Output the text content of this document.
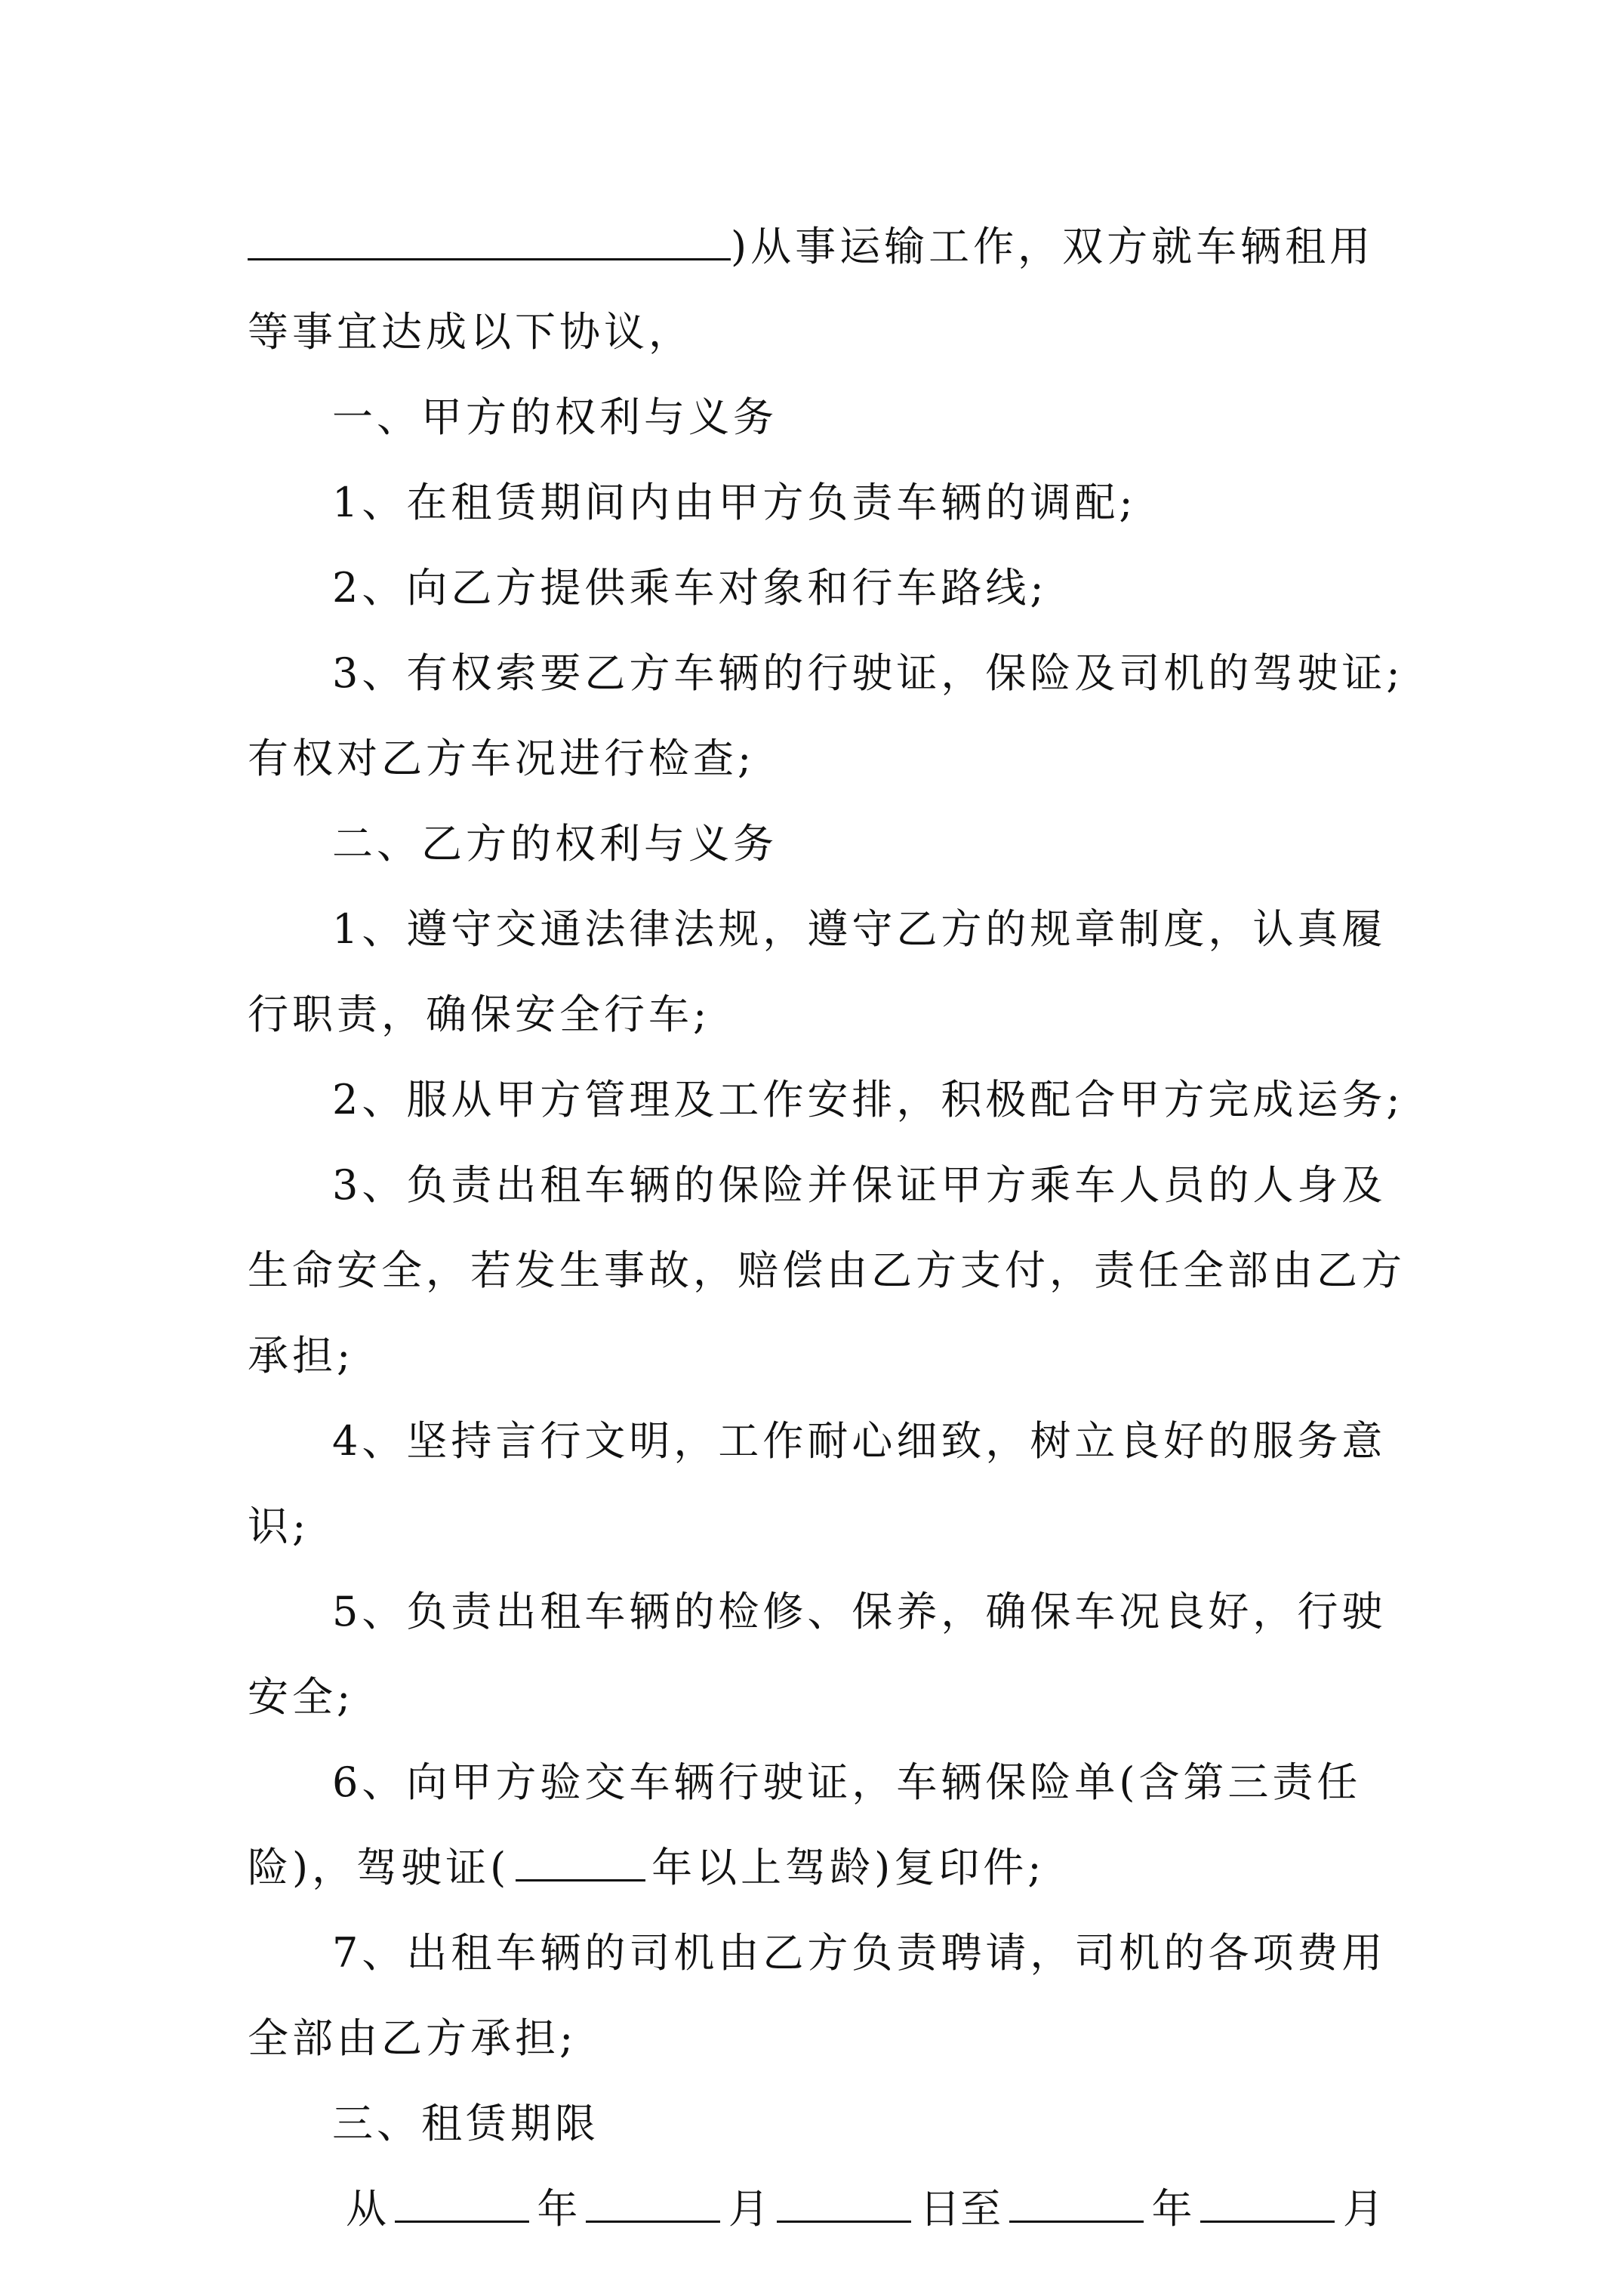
)从事运输工作，双方就车辆租用
等事宜达成以下协议，
一、甲方的权利与义务
1、在租赁期间内由甲方负责车辆的调配;
2、向乙方提供乘车对象和行车路线;
3、有权索要乙方车辆的行驶证，保险及司机的驾驶证;
有权对乙方车况进行检查;
二、乙方的权利与义务
1、遵守交通法律法规，遵守乙方的规章制度，认真履
行职责，确保安全行车;
2、服从甲方管理及工作安排，积极配合甲方完成运务;
3、负责出租车辆的保险并保证甲方乘车人员的人身及
生命安全，若发生事故，赔偿由乙方支付，责任全部由乙方
承担;
4、坚持言行文明，工作耐心细致，树立良好的服务意
识;
5、负责出租车辆的检修、保养，确保车况良好，行驶
安全;
6、向甲方验交车辆行驶证，车辆保险单(含第三责任
险)，驾驶证(	年以上驾龄)复印件;
7、出租车辆的司机由乙方负责聘请，司机的各项费用
全部由乙方承担;
三、租赁期限
从	年	月	日至	年	月
